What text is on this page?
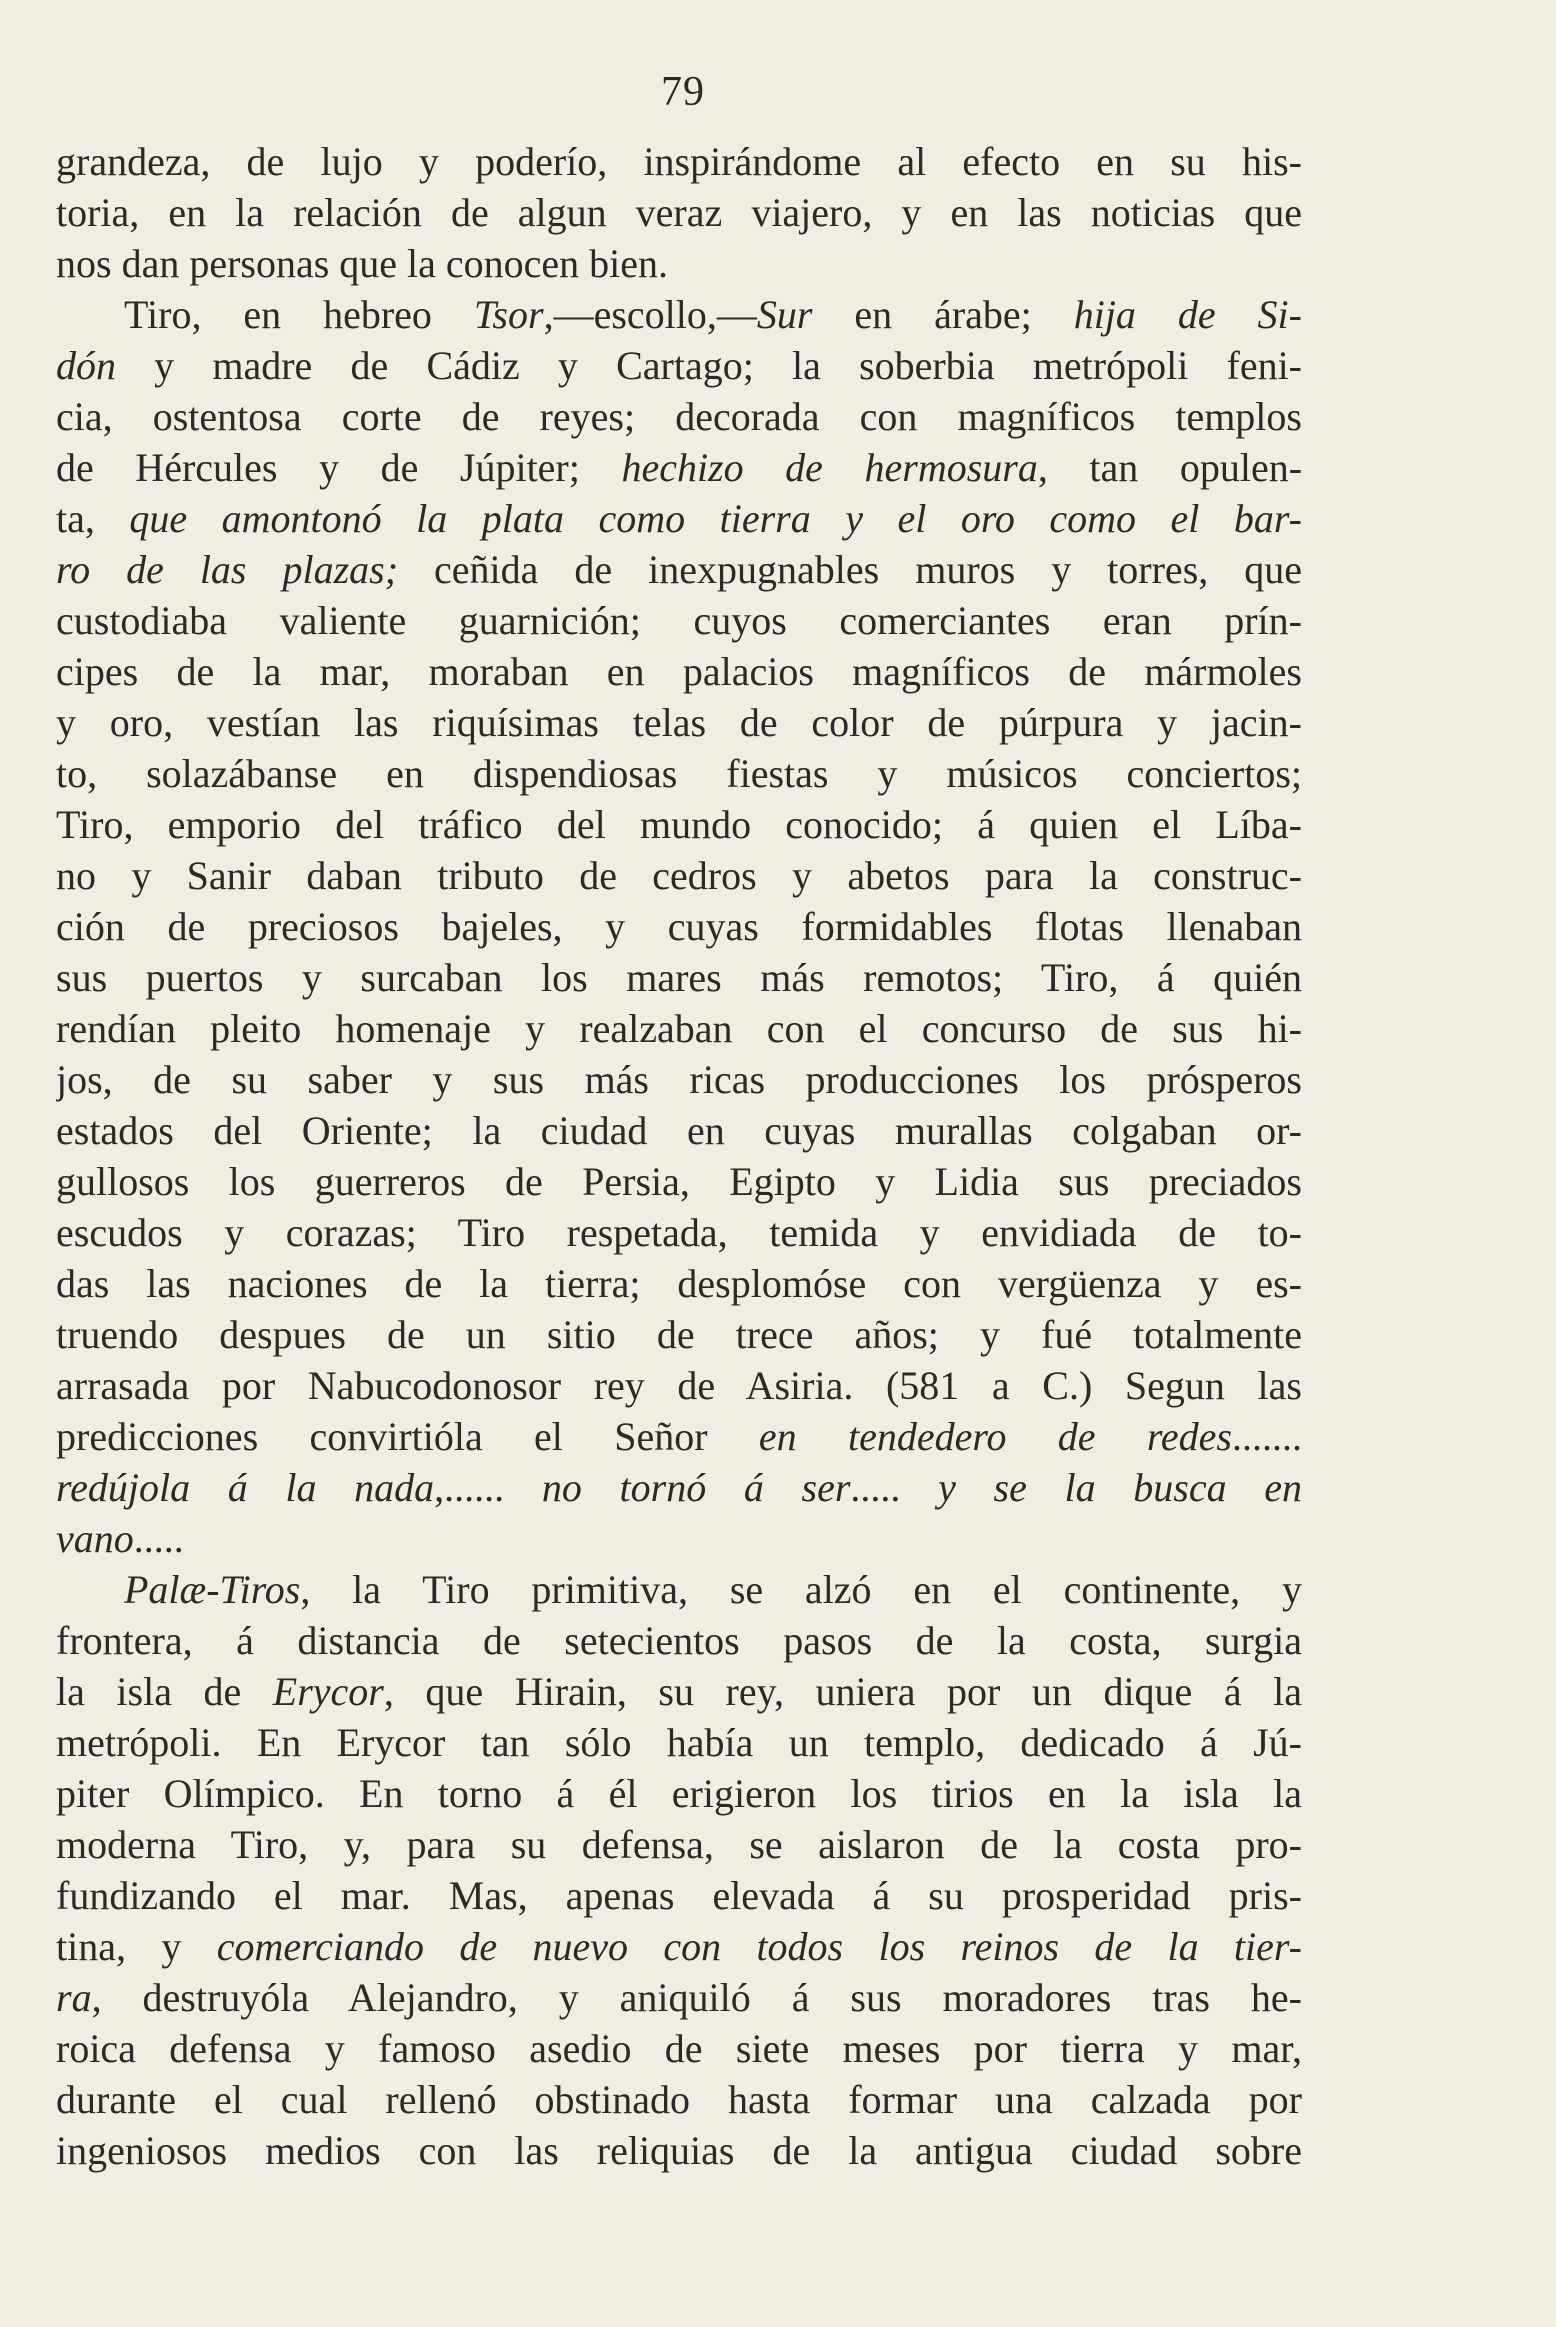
79
grandeza, de lujo y poderío, inspirándome al efecto en su his-
toria, en la relación de algun veraz viajero, y en las noticias que
nos dan personas que la conocen bien.
Tiro, en hebreo Tsor,—escollo,—Sur en árabe; hija de Si-
dón y madre de Cádiz y Cartago; la soberbia metrópoli feni-
cia, ostentosa corte de reyes; decorada con magníficos templos
de Hércules y de Júpiter; hechizo de hermosura, tan opulen-
ta, que amontonó la plata como tierra y el oro como el bar-
ro de las plazas; ceñida de inexpugnables muros y torres, que
custodiaba valiente guarnición; cuyos comerciantes eran prín-
cipes de la mar, moraban en palacios magníficos de mármoles
y oro, vestían las riquísimas telas de color de púrpura y jacin-
to, solazábanse en dispendiosas fiestas y músicos conciertos;
Tiro, emporio del tráfico del mundo conocido; á quien el Líba-
no y Sanir daban tributo de cedros y abetos para la construc-
ción de preciosos bajeles, y cuyas formidables flotas llenaban
sus puertos y surcaban los mares más remotos; Tiro, á quién
rendían pleito homenaje y realzaban con el concurso de sus hi-
jos, de su saber y sus más ricas producciones los prósperos
estados del Oriente; la ciudad en cuyas murallas colgaban or-
gullosos los guerreros de Persia, Egipto y Lidia sus preciados
escudos y corazas; Tiro respetada, temida y envidiada de to-
das las naciones de la tierra; desplomóse con vergüenza y es-
truendo despues de un sitio de trece años; y fué totalmente
arrasada por Nabucodonosor rey de Asiria. (581 a C.) Segun las
predicciones convirtióla el Señor en tendedero de redes.......
redújola á la nada,...... no tornó á ser..... y se la busca en
vano.....
Palæ-Tiros, la Tiro primitiva, se alzó en el continente, y
frontera, á distancia de setecientos pasos de la costa, surgia
la isla de Erycor, que Hirain, su rey, uniera por un dique á la
metrópoli. En Erycor tan sólo había un templo, dedicado á Jú-
piter Olímpico. En torno á él erigieron los tirios en la isla la
moderna Tiro, y, para su defensa, se aislaron de la costa pro-
fundizando el mar. Mas, apenas elevada á su prosperidad pris-
tina, y comerciando de nuevo con todos los reinos de la tier-
ra, destruyóla Alejandro, y aniquiló á sus moradores tras he-
roica defensa y famoso asedio de siete meses por tierra y mar,
durante el cual rellenó obstinado hasta formar una calzada por
ingeniosos medios con las reliquias de la antigua ciudad sobre
